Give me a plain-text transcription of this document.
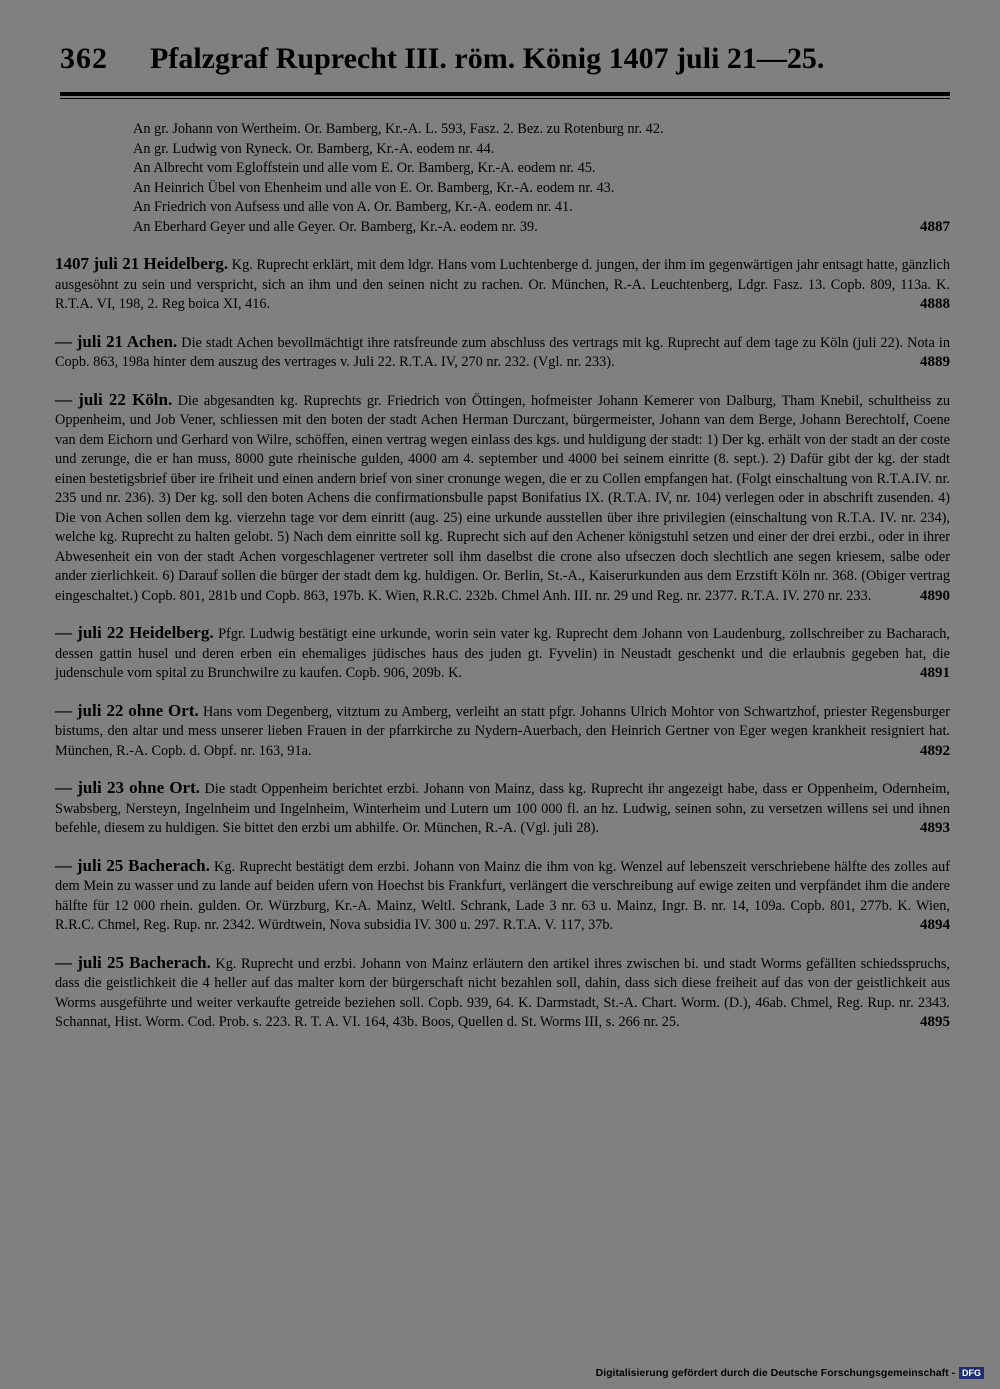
362 Pfalzgraf Ruprecht III. röm. König 1407 juli 21—25.
An gr. Johann von Wertheim. Or. Bamberg, Kr.-A. L. 593, Fasz. 2. Bez. zu Rotenburg nr. 42.
An gr. Ludwig von Ryneck. Or. Bamberg, Kr.-A. eodem nr. 44.
An Albrecht vom Egloffstein und alle vom E. Or. Bamberg, Kr.-A. eodem nr. 45.
An Heinrich Übel von Ehenheim und alle von E. Or. Bamberg, Kr.-A. eodem nr. 43.
An Friedrich von Aufsess und alle von A. Or. Bamberg, Kr.-A. eodem nr. 41.
An Eberhard Geyer und alle Geyer. Or. Bamberg, Kr.-A. eodem nr. 39.	4887

1407 juli 21 Heidelberg. Kg. Ruprecht erklärt, mit dem ldgr. Hans vom Luchtenberge d. jungen, der ihm im gegenwärtigen jahr entsagt hatte, gänzlich ausgesöhnt zu sein und verspricht, sich an ihm und den seinen nicht zu rachen. Or. München, R.-A. Leuchtenberg, Ldgr. Fasz. 13. Copb. 809, 113a. K. R.T.A. VI, 198, 2. Reg boica XI, 416.	4888

— juli 21 Achen. Die stadt Achen bevollmächtigt ihre ratsfreunde zum abschluss des vertrags mit kg. Ruprecht auf dem tage zu Köln (juli 22). Nota in Copb. 863, 198a hinter dem auszug des vertrages v. Juli 22. R.T.A. IV, 270 nr. 232. (Vgl. nr. 233).	4889

— juli 22 Köln. Die abgesandten kg. Ruprechts gr. Friedrich von Öttingen, hofmeister Johann Kemerer von Dalburg, Tham Knebil, schultheiss zu Oppenheim, und Job Vener, schliessen mit den boten der stadt Achen Herman Durczant, bürgermeister, Johann van dem Berge, Johann Berechtolf, Coene van dem Eichorn und Gerhard von Wilre, schöffen, einen vertrag wegen einlass des kgs. und huldigung der stadt: 1) Der kg. erhält von der stadt an der coste und zerunge, die er han muss, 8000 gute rheinische gulden, 4000 am 4. september und 4000 bei seinem einritte (8. sept.). 2) Dafür gibt der kg. der stadt einen bestetigsbrief über ire friheit und einen andern brief von siner cronunge wegen, die er zu Collen empfangen hat. (Folgt einschaltung von R.T.A.IV. nr. 235 und nr. 236). 3) Der kg. soll den boten Achens die confirmationsbulle papst Bonifatius IX. (R.T.A. IV, nr. 104) verlegen oder in abschrift zusenden. 4) Die von Achen sollen dem kg. vierzehn tage vor dem einritt (aug. 25) eine urkunde ausstellen über ihre privilegien (einschaltung von R.T.A. IV. nr. 234), welche kg. Ruprecht zu halten gelobt. 5) Nach dem einritte soll kg. Ruprecht sich auf den Achener königstuhl setzen und einer der drei erzbi., oder in ihrer Abwesenheit ein von der stadt Achen vorgeschlagener vertreter soll ihm daselbst die crone also ufseczen doch slechtlich ane segen kriesem, salbe oder ander zierlichkeit. 6) Darauf sollen die bürger der stadt dem kg. huldigen. Or. Berlin, St.-A., Kaiserurkunden aus dem Erzstift Köln nr. 368. (Obiger vertrag eingeschaltet.) Copb. 801, 281b und Copb. 863, 197b. K. Wien, R.R.C. 232b. Chmel Anh. III. nr. 29 und Reg. nr. 2377. R.T.A. IV. 270 nr. 233.	4890

— juli 22 Heidelberg. Pfgr. Ludwig bestätigt eine urkunde, worin sein vater kg. Ruprecht dem Johann von Laudenburg, zollschreiber zu Bacharach, dessen gattin husel und deren erben ein ehemaliges jüdisches haus des juden gt. Fyvelin) in Neustadt geschenkt und die erlaubnis gegeben hat, die judenschule vom spital zu Brunchwilre zu kaufen. Copb. 906, 209b. K.	4891

— juli 22 ohne Ort. Hans vom Degenberg, vitztum zu Amberg, verleiht an statt pfgr. Johanns Ulrich Mohtor von Schwartzhof, priester Regensburger bistums, den altar und mess unserer lieben Frauen in der pfarrkirche zu Nydern-Auerbach, den Heinrich Gertner von Eger wegen krankheit resigniert hat. München, R.-A. Copb. d. Obpf. nr. 163, 91a.	4892

— juli 23 ohne Ort. Die stadt Oppenheim berichtet erzbi. Johann von Mainz, dass kg. Ruprecht ihr angezeigt habe, dass er Oppenheim, Odernheim, Swabsberg, Nersteyn, Ingelnheim und Ingelnheim, Winterheim und Lutern um 100 000 fl. an hz. Ludwig, seinen sohn, zu versetzen willens sei und ihnen befehle, diesem zu huldigen. Sie bittet den erzbi um abhilfe. Or. München, R.-A. (Vgl. juli 28).	4893

— juli 25 Bacherach. Kg. Ruprecht bestätigt dem erzbi. Johann von Mainz die ihm von kg. Wenzel auf lebenszeit verschriebene hälfte des zolles auf dem Mein zu wasser und zu lande auf beiden ufern von Hoechst bis Frankfurt, verlängert die verschreibung auf ewige zeiten und verpfändet ihm die andere hälfte für 12 000 rhein. gulden. Or. Würzburg, Kr.-A. Mainz, Weltl. Schrank, Lade 3 nr. 63 u. Mainz, Ingr. B. nr. 14, 109a. Copb. 801, 277b. K. Wien, R.R.C. Chmel, Reg. Rup. nr. 2342. Würdtwein, Nova subsidia IV. 300 u. 297. R.T.A. V. 117, 37b.	4894

— juli 25 Bacherach. Kg. Ruprecht und erzbi. Johann von Mainz erläutern den artikel ihres zwischen bi. und stadt Worms gefällten schiedsspruchs, dass die geistlichkeit die 4 heller auf das malter korn der bürgerschaft nicht bezahlen soll, dahin, dass sich diese freiheit auf das von der geistlichkeit aus Worms ausgeführte und weiter verkaufte getreide beziehen soll. Copb. 939, 64. K. Darmstadt, St.-A. Chart. Worm. (D.), 46ab. Chmel, Reg. Rup. nr. 2343. Schannat, Hist. Worm. Cod. Prob. s. 223. R. T. A. VI. 164, 43b. Boos, Quellen d. St. Worms III, s. 266 nr. 25.	4895

Digitalisierung gefördert durch die Deutsche Forschungsgemeinschaft - DFG
